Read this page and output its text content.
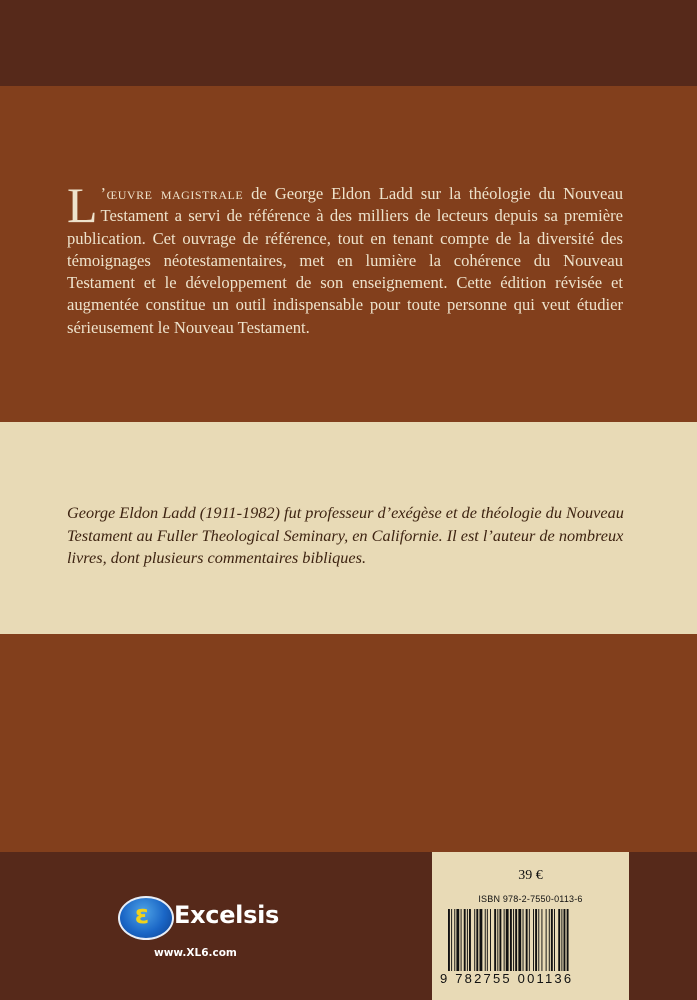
L ’œuvre magistrale de George Eldon Ladd sur la théologie du Nouveau Testament a servi de référence à des milliers de lecteurs depuis sa première publication. Cet ouvrage de référence, tout en tenant compte de la diversité des témoignages néotestamentaires, met en lumière la cohérence du Nouveau Testament et le développement de son enseignement. Cette édition révisée et augmentée constitue un outil indispensable pour toute personne qui veut étudier sérieusement le Nouveau Testament.

George Eldon Ladd (1911-1982) fut professeur d’exégèse et de théologie du Nouveau Testament au Fuller Theological Seminary, en Californie. Il est l’auteur de nombreux livres, dont plusieurs commentaires bibliques.

ε Excelsis
www.XL6.com
39 €
ISBN 978-2-7550-0113-6
9 782755 001136
